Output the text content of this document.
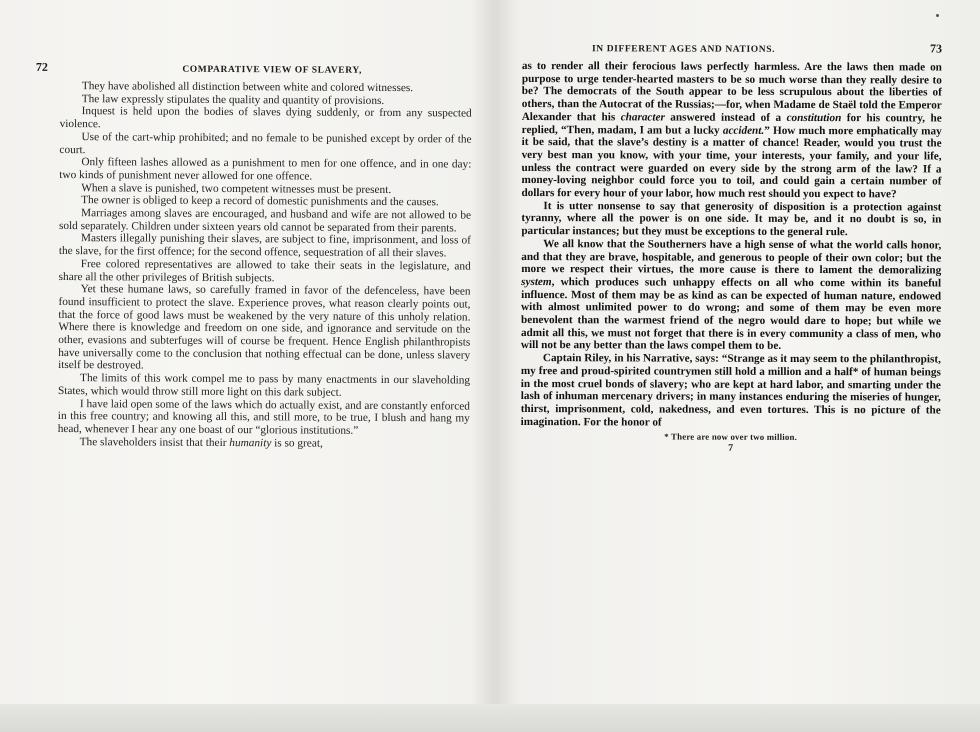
72	COMPARATIVE VIEW OF SLAVERY,

They have abolished all distinction between white and colored witnesses.

The law expressly stipulates the quality and quantity of provisions.

Inquest is held upon the bodies of slaves dying suddenly, or from any suspected violence.

Use of the cart-whip prohibited; and no female to be punished except by order of the court.

Only fifteen lashes allowed as a punishment to men for one offence, and in one day: two kinds of punishment never allowed for one offence.

When a slave is punished, two competent witnesses must be present.

The owner is obliged to keep a record of domestic punishments and the causes.

Marriages among slaves are encouraged, and husband and wife are not allowed to be sold separately. Children under sixteen years old cannot be separated from their parents.

Masters illegally punishing their slaves, are subject to fine, imprisonment, and loss of the slave, for the first offence; for the second offence, sequestration of all their slaves.

Free colored representatives are allowed to take their seats in the legislature, and share all the other privileges of British subjects.

Yet these humane laws, so carefully framed in favor of the defenceless, have been found insufficient to protect the slave. Experience proves, what reason clearly points out, that the force of good laws must be weakened by the very nature of this unholy relation. Where there is knowledge and freedom on one side, and ignorance and servitude on the other, evasions and subterfuges will of course be frequent. Hence English philanthropists have universally come to the conclusion that nothing effectual can be done, unless slavery itself be destroyed.

The limits of this work compel me to pass by many enactments in our slaveholding States, which would throw still more light on this dark subject.

I have laid open some of the laws which do actually exist, and are constantly enforced in this free country; and knowing all this, and still more, to be true, I blush and hang my head, whenever I hear any one boast of our “glorious institutions.”

The slaveholders insist that their humanity is so great,

IN DIFFERENT AGES AND NATIONS.	73

as to render all their ferocious laws perfectly harmless. Are the laws then made on purpose to urge tender-hearted masters to be so much worse than they really desire to be? The democrats of the South appear to be less scrupulous about the liberties of others, than the Autocrat of the Russias;—for, when Madame de Staël told the Emperor Alexander that his character answered instead of a constitution for his country, he replied, “Then, madam, I am but a lucky accident.” How much more emphatically may it be said, that the slave’s destiny is a matter of chance! Reader, would you trust the very best man you know, with your time, your interests, your family, and your life, unless the contract were guarded on every side by the strong arm of the law? If a money-loving neighbor could force you to toil, and could gain a certain number of dollars for every hour of your labor, how much rest should you expect to have?

It is utter nonsense to say that generosity of disposition is a protection against tyranny, where all the power is on one side. It may be, and it no doubt is so, in particular instances; but they must be exceptions to the general rule.

We all know that the Southerners have a high sense of what the world calls honor, and that they are brave, hospitable, and generous to people of their own color; but the more we respect their virtues, the more cause is there to lament the demoralizing system, which produces such unhappy effects on all who come within its baneful influence. Most of them may be as kind as can be expected of human nature, endowed with almost unlimited power to do wrong; and some of them may be even more benevolent than the warmest friend of the negro would dare to hope; but while we admit all this, we must not forget that there is in every community a class of men, who will not be any better than the laws compel them to be.

Captain Riley, in his Narrative, says: “Strange as it may seem to the philanthropist, my free and proud-spirited countrymen still hold a million and a half* of human beings in the most cruel bonds of slavery; who are kept at hard labor, and smarting under the lash of inhuman mercenary drivers; in many instances enduring the miseries of hunger, thirst, imprisonment, cold, nakedness, and even tortures. This is no picture of the imagination. For the honor of

* There are now over two million.
7
